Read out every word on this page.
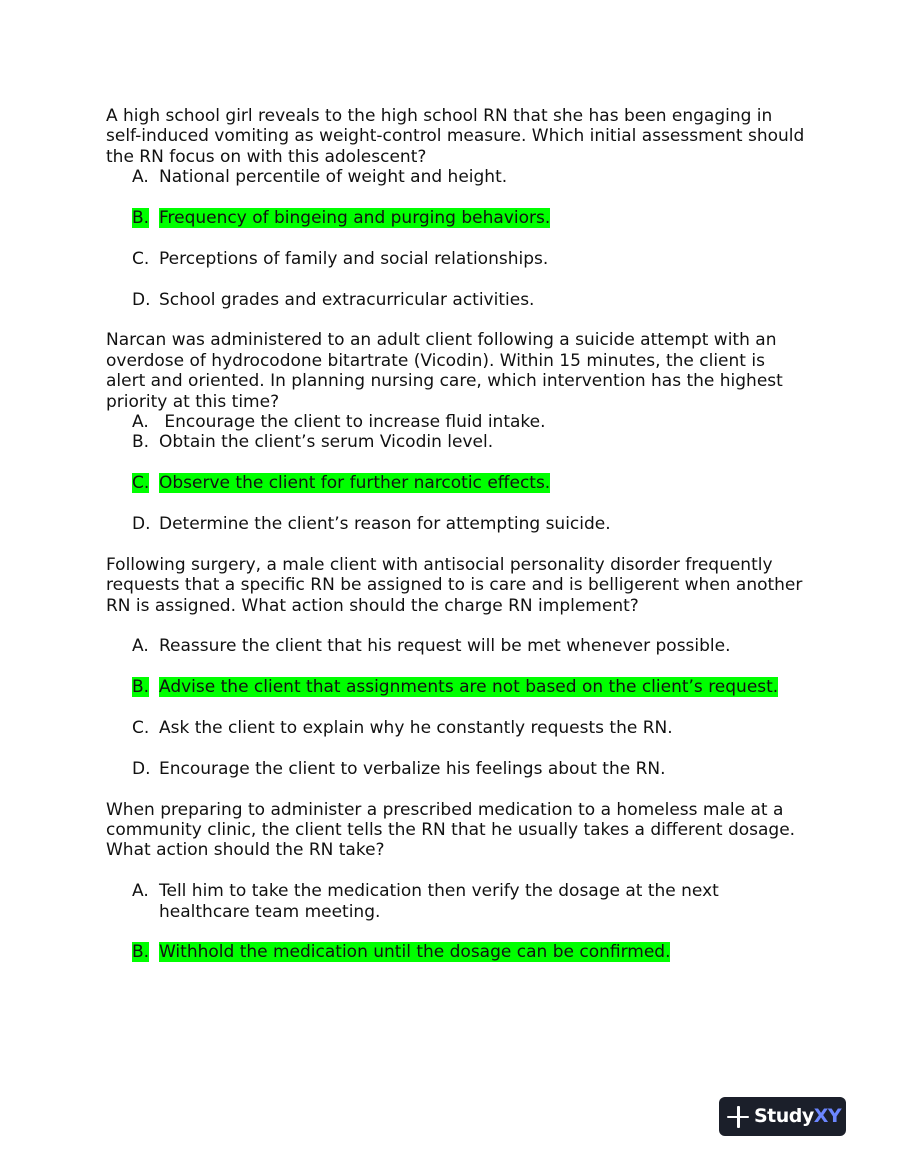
A high school girl reveals to the high school RN that she has been engaging in self-induced vomiting as weight-control measure. Which initial assessment should the RN focus on with this adolescent?

A. National percentile of weight and height.
B. Frequency of bingeing and purging behaviors.
C. Perceptions of family and social relationships.
D. School grades and extracurricular activities.

Narcan was administered to an adult client following a suicide attempt with an overdose of hydrocodone bitartrate (Vicodin). Within 15 minutes, the client is alert and oriented. In planning nursing care, which intervention has the highest priority at this time?

A. Encourage the client to increase fluid intake.
B. Obtain the client’s serum Vicodin level.
C. Observe the client for further narcotic effects.
D. Determine the client’s reason for attempting suicide.

Following surgery, a male client with antisocial personality disorder frequently requests that a specific RN be assigned to is care and is belligerent when another RN is assigned. What action should the charge RN implement?

A. Reassure the client that his request will be met whenever possible.
B. Advise the client that assignments are not based on the client’s request.
C. Ask the client to explain why he constantly requests the RN.
D. Encourage the client to verbalize his feelings about the RN.

When preparing to administer a prescribed medication to a homeless male at a community clinic, the client tells the RN that he usually takes a different dosage. What action should the RN take?

A. Tell him to take the medication then verify the dosage at the next healthcare team meeting.
B. Withhold the medication until the dosage can be confirmed.
StudyXY
